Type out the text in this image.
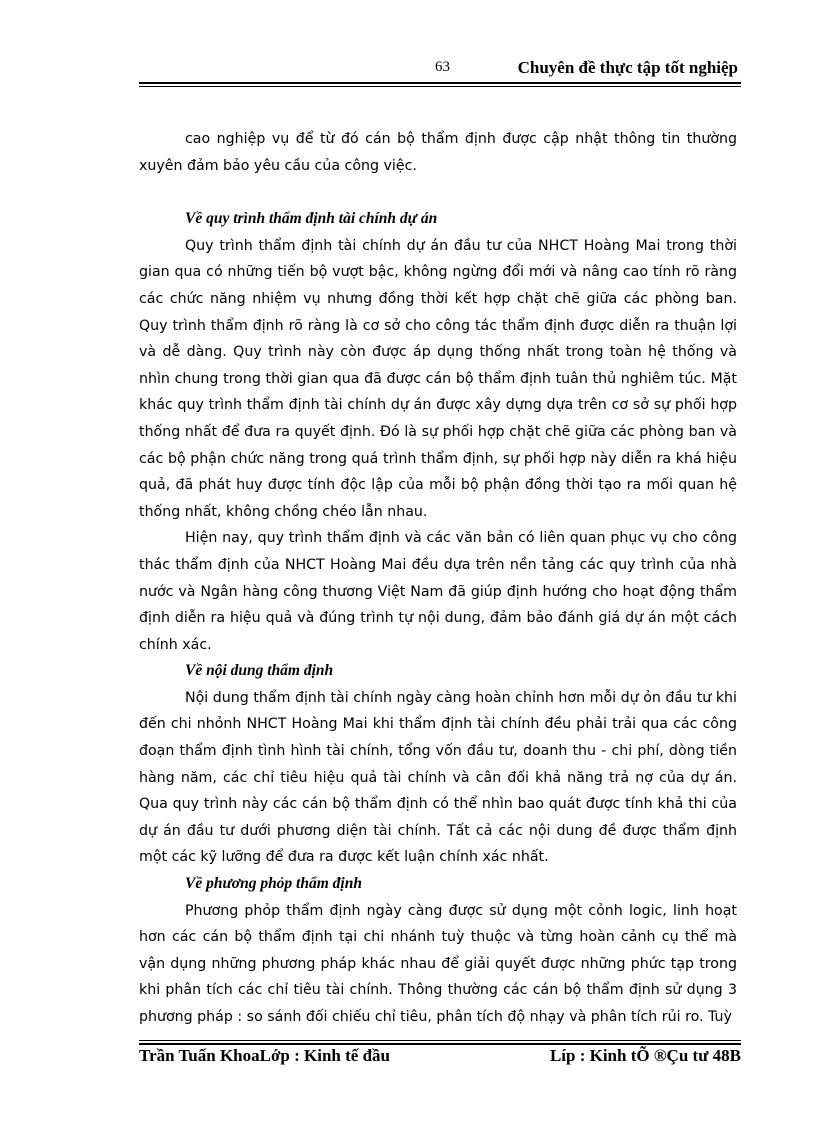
63	Chuyên đề thực tập tốt nghiệp

cao nghiệp vụ để từ đó cán bộ thẩm định được cập nhật thông tin thường xuyên đảm bảo yêu cầu của công việc.

Về quy trình thẩm định tài chính dự án

Quy trình thẩm định tài chính dự án đầu tư của NHCT Hoàng Mai trong thời gian qua có những tiến bộ vượt bậc, không ngừng đổi mới và nâng cao tính rõ ràng các chức năng nhiệm vụ nhưng đồng thời kết hợp chặt chẽ giữa các phòng ban. Quy trình thẩm định rõ ràng là cơ sở cho công tác thẩm định được diễn ra thuận lợi và dễ dàng. Quy trình này còn được áp dụng thống nhất trong toàn hệ thống và nhìn chung trong thời gian qua đã được cán bộ thẩm định tuân thủ nghiêm túc. Mặt khác quy trình thẩm định tài chính dự án được xây dựng dựa trên cơ sở sự phối hợp thống nhất để đưa ra quyết định. Đó là sự phối hợp chặt chẽ giữa các phòng ban và các bộ phận chức năng trong quá trình thẩm định, sự phối hợp này diễn ra khá hiệu quả, đã phát huy được tính độc lập của mỗi bộ phận đồng thời tạo ra mối quan hệ thống nhất, không chồng chéo lẫn nhau.

Hiện nay, quy trình thẩm định và các văn bản có liên quan phục vụ cho công thác thẩm định của NHCT Hoàng Mai đều dựa trên nền tảng các quy trình của nhà nước và Ngân hàng công thương Việt Nam đã giúp định hướng cho hoạt động thẩm định diễn ra hiệu quả và đúng trình tự nội dung, đảm bảo đánh giá dự án một cách chính xác.

Về nội dung thẩm định

Nội dung thẩm định tài chính ngày càng hoàn chỉnh hơn mỗi dự ỏn đầu tư khi đến chi nhỏnh NHCT Hoàng Mai khi thẩm định tài chính đều phải trải qua các công đoạn thẩm định tình hình tài chính, tổng vốn đầu tư, doanh thu - chi phí, dòng tiền hàng năm, các chỉ tiêu hiệu quả tài chính và cân đối khả năng trả nợ của dự án. Qua quy trình này các cán bộ thẩm định có thể nhìn bao quát được tính khả thi của dự án đầu tư dưới phương diện tài chính. Tất cả các nội dung đề được thẩm định một các kỹ lưỡng để đưa ra được kết luận chính xác nhất.

Về phương phỏp thẩm định

Phương phỏp thẩm định ngày càng được sử dụng một cỏnh logic, linh hoạt hơn các cán bộ thẩm định tại chi nhánh tuỳ thuộc và từng hoàn cảnh cụ thể mà vận dụng những phương pháp khác nhau để giải quyết được những phức tạp trong khi phân tích các chỉ tiêu tài chính. Thông thường các cán bộ thẩm định sử dụng 3 phương pháp : so sánh đối chiếu chỉ tiêu, phân tích độ nhạy và phân tích rủi ro. Tuỳ

Trần Tuấn KhoaLớp : Kinh tế đầu	Líp : Kinh tÕ ®Çu tư 48B
